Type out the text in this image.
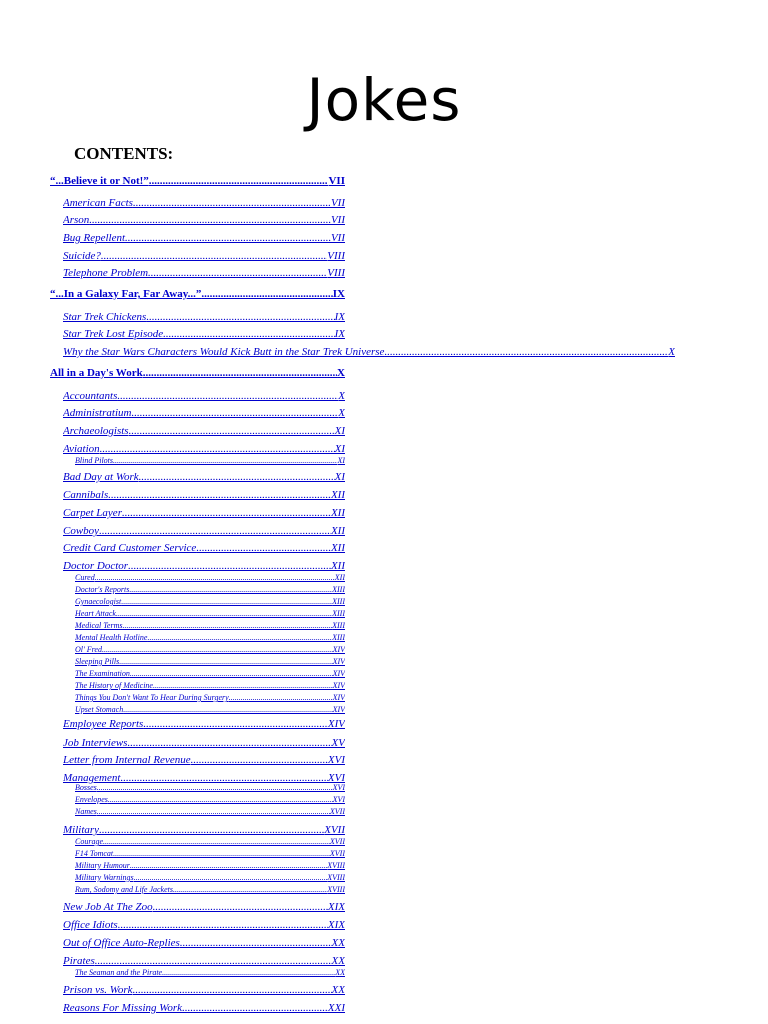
Jokes
CONTENTS:
“...Believe it or Not!” .....	VII
American Facts .....	VII
Arson .....	VII
Bug Repellent .....	VII
Suicide? .....	VIII
Telephone Problem .....	VIII
“...In a Galaxy Far, Far Away...” .....	IX
Star Trek Chickens .....	IX
Star Trek Lost Episode .....	IX
Why the Star Wars Characters Would Kick Butt in the Star Trek Universe .....	X
All in a Day's Work .....	X
Accountants .....	X
Administratium .....	X
Archaeologists .....	XI
Aviation .....	XI
Blind Pilots .....	XI
Bad Day at Work .....	XI
Cannibals .....	XII
Carpet Layer .....	XII
Cowboy .....	XII
Credit Card Customer Service .....	XII
Doctor Doctor .....	XII
Cured .....	XII
Doctor's Reports .....	XIII
Gynaecologist .....	XIII
Heart Attack .....	XIII
Medical Terms .....	XIII
Mental Health Hotline .....	XIII
Ol' Fred .....	XIV
Sleeping Pills .....	XIV
The Examination .....	XIV
The History of Medicine .....	XIV
Things You Don't Want To Hear During Surgery .....	XIV
Upset Stomach .....	XIV
Employee Reports .....	XIV
Job Interviews .....	XV
Letter from Internal Revenue .....	XVI
Management .....	XVI
Bosses .....	XVI
Envelopes .....	XVI
Names .....	XVII
Military .....	XVII
Courage .....	XVII
F14 Tomcat .....	XVII
Military Humour .....	XVIII
Military Warnings .....	XVIII
Rum, Sodomy and Life Jackets .....	XVIII
New Job At The Zoo .....	XIX
Office Idiots .....	XIX
Out of Office Auto-Replies .....	XX
Pirates .....	XX
The Seaman and the Pirate .....	XX
Prison vs. Work .....	XX
Reasons For Missing Work .....	XXI
